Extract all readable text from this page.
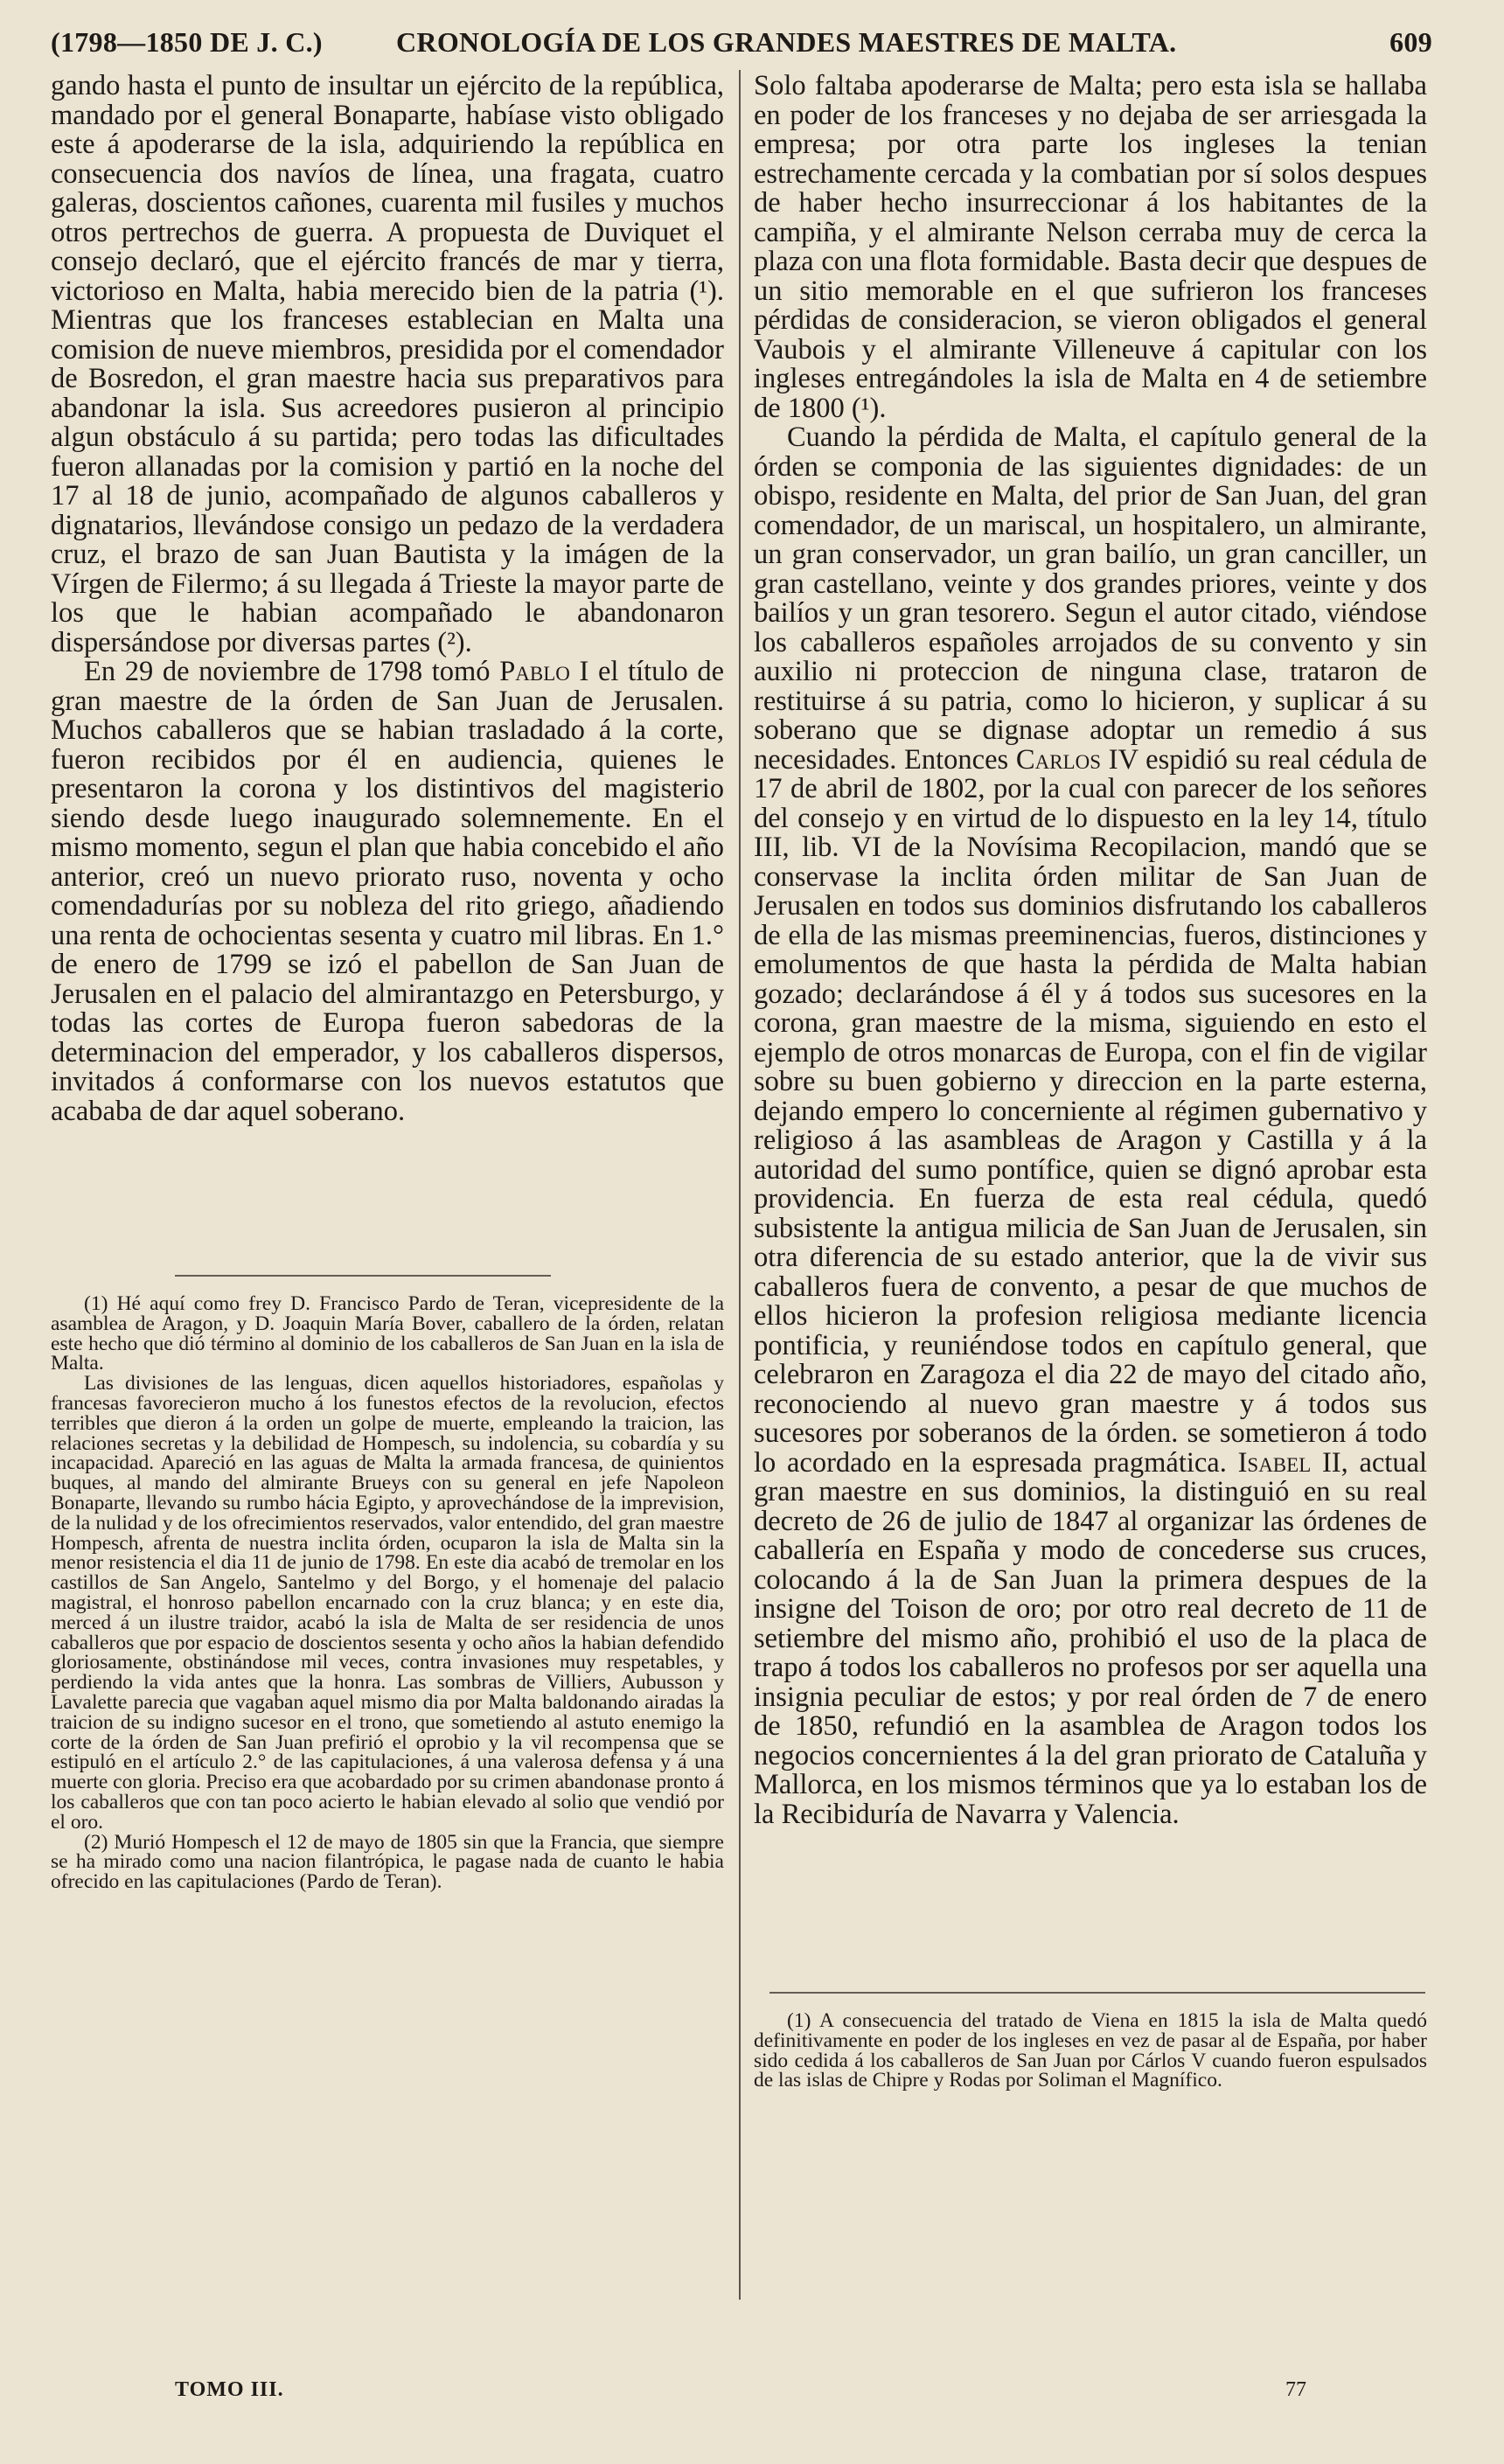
(1798—1850 DE J. C.)	CRONOLOGÍA DE LOS GRANDES MAESTRES DE MALTA.	609

gando hasta el punto de insultar un ejército de la república, mandado por el general Bonaparte, habíase visto obligado este á apoderarse de la isla, adquiriendo la república en consecuencia dos navíos de línea, una fragata, cuatro galeras, doscientos cañones, cuarenta mil fusiles y muchos otros pertrechos de guerra. A propuesta de Duviquet el consejo declaró, que el ejército francés de mar y tierra, victorioso en Malta, habia merecido bien de la patria (¹). Mientras que los franceses establecian en Malta una comision de nueve miembros, presidida por el comendador de Bosredon, el gran maestre hacia sus preparativos para abandonar la isla. Sus acreedores pusieron al principio algun obstáculo á su partida; pero todas las dificultades fueron allanadas por la comision y partió en la noche del 17 al 18 de junio, acompañado de algunos caballeros y dignatarios, llevándose consigo un pedazo de la verdadera cruz, el brazo de san Juan Bautista y la imágen de la Vírgen de Filermo; á su llegada á Trieste la mayor parte de los que le habian acompañado le abandonaron dispersándose por diversas partes (²).

En 29 de noviembre de 1798 tomó Pablo I el título de gran maestre de la órden de San Juan de Jerusalen. Muchos caballeros que se habian trasladado á la corte, fueron recibidos por él en audiencia, quienes le presentaron la corona y los distintivos del magisterio siendo desde luego inaugurado solemnemente. En el mismo momento, segun el plan que habia concebido el año anterior, creó un nuevo priorato ruso, noventa y ocho comendadurías por su nobleza del rito griego, añadiendo una renta de ochocientas sesenta y cuatro mil libras. En 1.° de enero de 1799 se izó el pabellon de San Juan de Jerusalen en el palacio del almirantazgo en Petersburgo, y todas las cortes de Europa fueron sabedoras de la determinacion del emperador, y los caballeros dispersos, invitados á conformarse con los nuevos estatutos que acababa de dar aquel soberano.

Solo faltaba apoderarse de Malta; pero esta isla se hallaba en poder de los franceses y no dejaba de ser arriesgada la empresa; por otra parte los ingleses la tenian estrechamente cercada y la combatian por sí solos despues de haber hecho insurreccionar á los habitantes de la campiña, y el almirante Nelson cerraba muy de cerca la plaza con una flota formidable. Basta decir que despues de un sitio memorable en el que sufrieron los franceses pérdidas de consideracion, se vieron obligados el general Vaubois y el almirante Villeneuve á capitular con los ingleses entregándoles la isla de Malta en 4 de setiembre de 1800 (¹).

Cuando la pérdida de Malta, el capítulo general de la órden se componia de las siguientes dignidades: de un obispo, residente en Malta, del prior de San Juan, del gran comendador, de un mariscal, un hospitalero, un almirante, un gran conservador, un gran bailío, un gran canciller, un gran castellano, veinte y dos grandes priores, veinte y dos bailíos y un gran tesorero. Segun el autor citado, viéndose los caballeros españoles arrojados de su convento y sin auxilio ni proteccion de ninguna clase, trataron de restituirse á su patria, como lo hicieron, y suplicar á su soberano que se dignase adoptar un remedio á sus necesidades. Entonces Carlos IV espidió su real cédula de 17 de abril de 1802, por la cual con parecer de los señores del consejo y en virtud de lo dispuesto en la ley 14, título III, lib. VI de la Novísima Recopilacion, mandó que se conservase la inclita órden militar de San Juan de Jerusalen en todos sus dominios disfrutando los caballeros de ella de las mismas preeminencias, fueros, distinciones y emolumentos de que hasta la pérdida de Malta habian gozado; declarándose á él y á todos sus sucesores en la corona, gran maestre de la misma, siguiendo en esto el ejemplo de otros monarcas de Europa, con el fin de vigilar sobre su buen gobierno y direccion en la parte esterna, dejando empero lo concerniente al régimen gubernativo y religioso á las asambleas de Aragon y Castilla y á la autoridad del sumo pontífice, quien se dignó aprobar esta providencia. En fuerza de esta real cédula, quedó subsistente la antigua milicia de San Juan de Jerusalen, sin otra diferencia de su estado anterior, que la de vivir sus caballeros fuera de convento, a pesar de que muchos de ellos hicieron la profesion religiosa mediante licencia pontificia, y reuniéndose todos en capítulo general, que celebraron en Zaragoza el dia 22 de mayo del citado año, reconociendo al nuevo gran maestre y á todos sus sucesores por soberanos de la órden. se sometieron á todo lo acordado en la espresada pragmática. Isabel II, actual gran maestre en sus dominios, la distinguió en su real decreto de 26 de julio de 1847 al organizar las órdenes de caballería en España y modo de concederse sus cruces, colocando á la de San Juan la primera despues de la insigne del Toison de oro; por otro real decreto de 11 de setiembre del mismo año, prohibió el uso de la placa de trapo á todos los caballeros no profesos por ser aquella una insignia peculiar de estos; y por real órden de 7 de enero de 1850, refundió en la asamblea de Aragon todos los negocios concernientes á la del gran priorato de Cataluña y Mallorca, en los mismos términos que ya lo estaban los de la Recibiduría de Navarra y Valencia.

(1) Hé aquí como frey D. Francisco Pardo de Teran, vicepresidente de la asamblea de Aragon, y D. Joaquin María Bover, caballero de la órden, relatan este hecho que dió término al dominio de los caballeros de San Juan en la isla de Malta.

Las divisiones de las lenguas, dicen aquellos historiadores, españolas y francesas favorecieron mucho á los funestos efectos de la revolucion, efectos terribles que dieron á la orden un golpe de muerte, empleando la traicion, las relaciones secretas y la debilidad de Hompesch, su indolencia, su cobardía y su incapacidad. Apareció en las aguas de Malta la armada francesa, de quinientos buques, al mando del almirante Brueys con su general en jefe Napoleon Bonaparte, llevando su rumbo hácia Egipto, y aprovechándose de la imprevision, de la nulidad y de los ofrecimientos reservados, valor entendido, del gran maestre Hompesch, afrenta de nuestra inclita órden, ocuparon la isla de Malta sin la menor resistencia el dia 11 de junio de 1798. En este dia acabó de tremolar en los castillos de San Angelo, Santelmo y del Borgo, y el homenaje del palacio magistral, el honroso pabellon encarnado con la cruz blanca; y en este dia, merced á un ilustre traidor, acabó la isla de Malta de ser residencia de unos caballeros que por espacio de doscientos sesenta y ocho años la habian defendido gloriosamente, obstinándose mil veces, contra invasiones muy respetables, y perdiendo la vida antes que la honra. Las sombras de Villiers, Aubusson y Lavalette parecia que vagaban aquel mismo dia por Malta baldonando airadas la traicion de su indigno sucesor en el trono, que sometiendo al astuto enemigo la corte de la órden de San Juan prefirió el oprobio y la vil recompensa que se estipuló en el artículo 2.° de las capitulaciones, á una valerosa defensa y á una muerte con gloria. Preciso era que acobardado por su crimen abandonase pronto á los caballeros que con tan poco acierto le habian elevado al solio que vendió por el oro.

(2) Murió Hompesch el 12 de mayo de 1805 sin que la Francia, que siempre se ha mirado como una nacion filantrópica, le pagase nada de cuanto le habia ofrecido en las capitulaciones (Pardo de Teran).

(1) A consecuencia del tratado de Viena en 1815 la isla de Malta quedó definitivamente en poder de los ingleses en vez de pasar al de España, por haber sido cedida á los caballeros de San Juan por Cárlos V cuando fueron espulsados de las islas de Chipre y Rodas por Soliman el Magnífico.

TOMO III.	77
